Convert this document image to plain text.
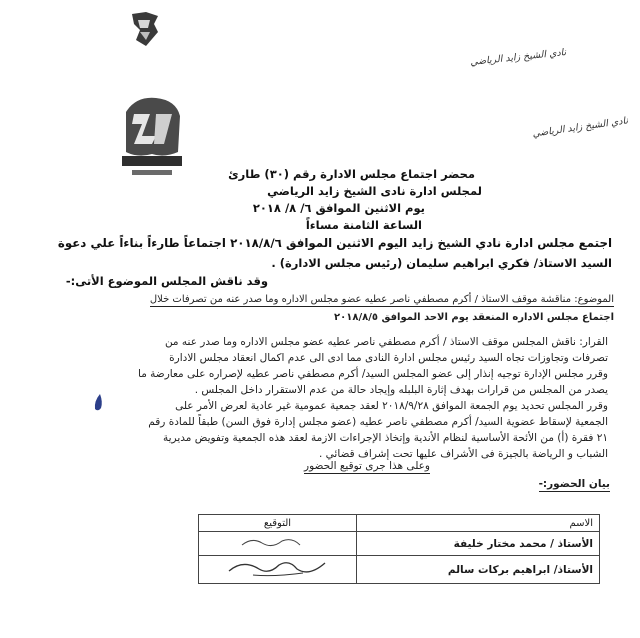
نادي الشيخ زايد الرياضي
نادي الشيخ زايد الرياضي
محضر اجتماع مجلس الادارة رقم (٣٠) طارئ
لمجلس ادارة نادى الشيخ زايد الرياضي
يوم الاثنين الموافق ٦/ ٨/ ٢٠١٨
الساعة الثامنة مساءاً
اجتمع مجلس ادارة نادي الشيخ زايد اليوم الاثنين الموافق ٢٠١٨/٨/٦ اجتماعاً طارءاً بناءاً علي دعوة
السيد الاستاذ/ فكري ابراهيم سليمان (رئيس مجلس الادارة) .
وقد ناقش المجلس الموضوع الأتى:-
الموضوع: مناقشة موقف الاستاذ / أكرم مصطفي ناصر عطيه عضو مجلس الاداره وما صدر عنه من تصرفات خلال
اجتماع مجلس الاداره المنعقد يوم الاحد الموافق ٢٠١٨/٨/٥
القرار: ناقش المجلس موقف الاستاذ / أكرم مصطفي ناصر عطيه عضو مجلس الاداره وما صدر عنه من
تصرفات وتجاوزات تجاه السيد رئيس مجلس ادارة النادى مما ادى الى عدم اكمال انعقاد مجلس الادارة
وقرر مجلس الإدارة توجيه إنذار إلى عضو المجلس السيد/ أكرم مصطفي ناصر عطيه لإصراره على معارضة ما
يصدر من المجلس من قرارات بهدف إثارة البلبله وإيجاد حالة من عدم الاستقرار داخل المجلس .
وقرر المجلس تحديد يوم الجمعة الموافق ٢٠١٨/٩/٢٨ لعقد جمعية عمومية غير عادية لعرض الأمر على
الجمعية لإسقاط عضوية السيد/ أكرم مصطفي ناصر عطيه (عضو مجلس إدارة فوق السن) طبقاً للمادة رقم
٢١ فقرة (أ) من الأئحة الأساسية لنظام الأندية وإتخاذ الإجراءات الازمة لعقد هذه الجمعية وتفويض مديرية
الشباب و الرياضة بالجيزة فى الأشراف عليها تحت إشراف قضائي .
وعلى هذا جرى توقيع الحضور
بيان الحضور:-
الاسم	التوقيع
الأستاذ / محمد مختار خليفة	
الأستاذ/ ابراهيم بركات سالم	
